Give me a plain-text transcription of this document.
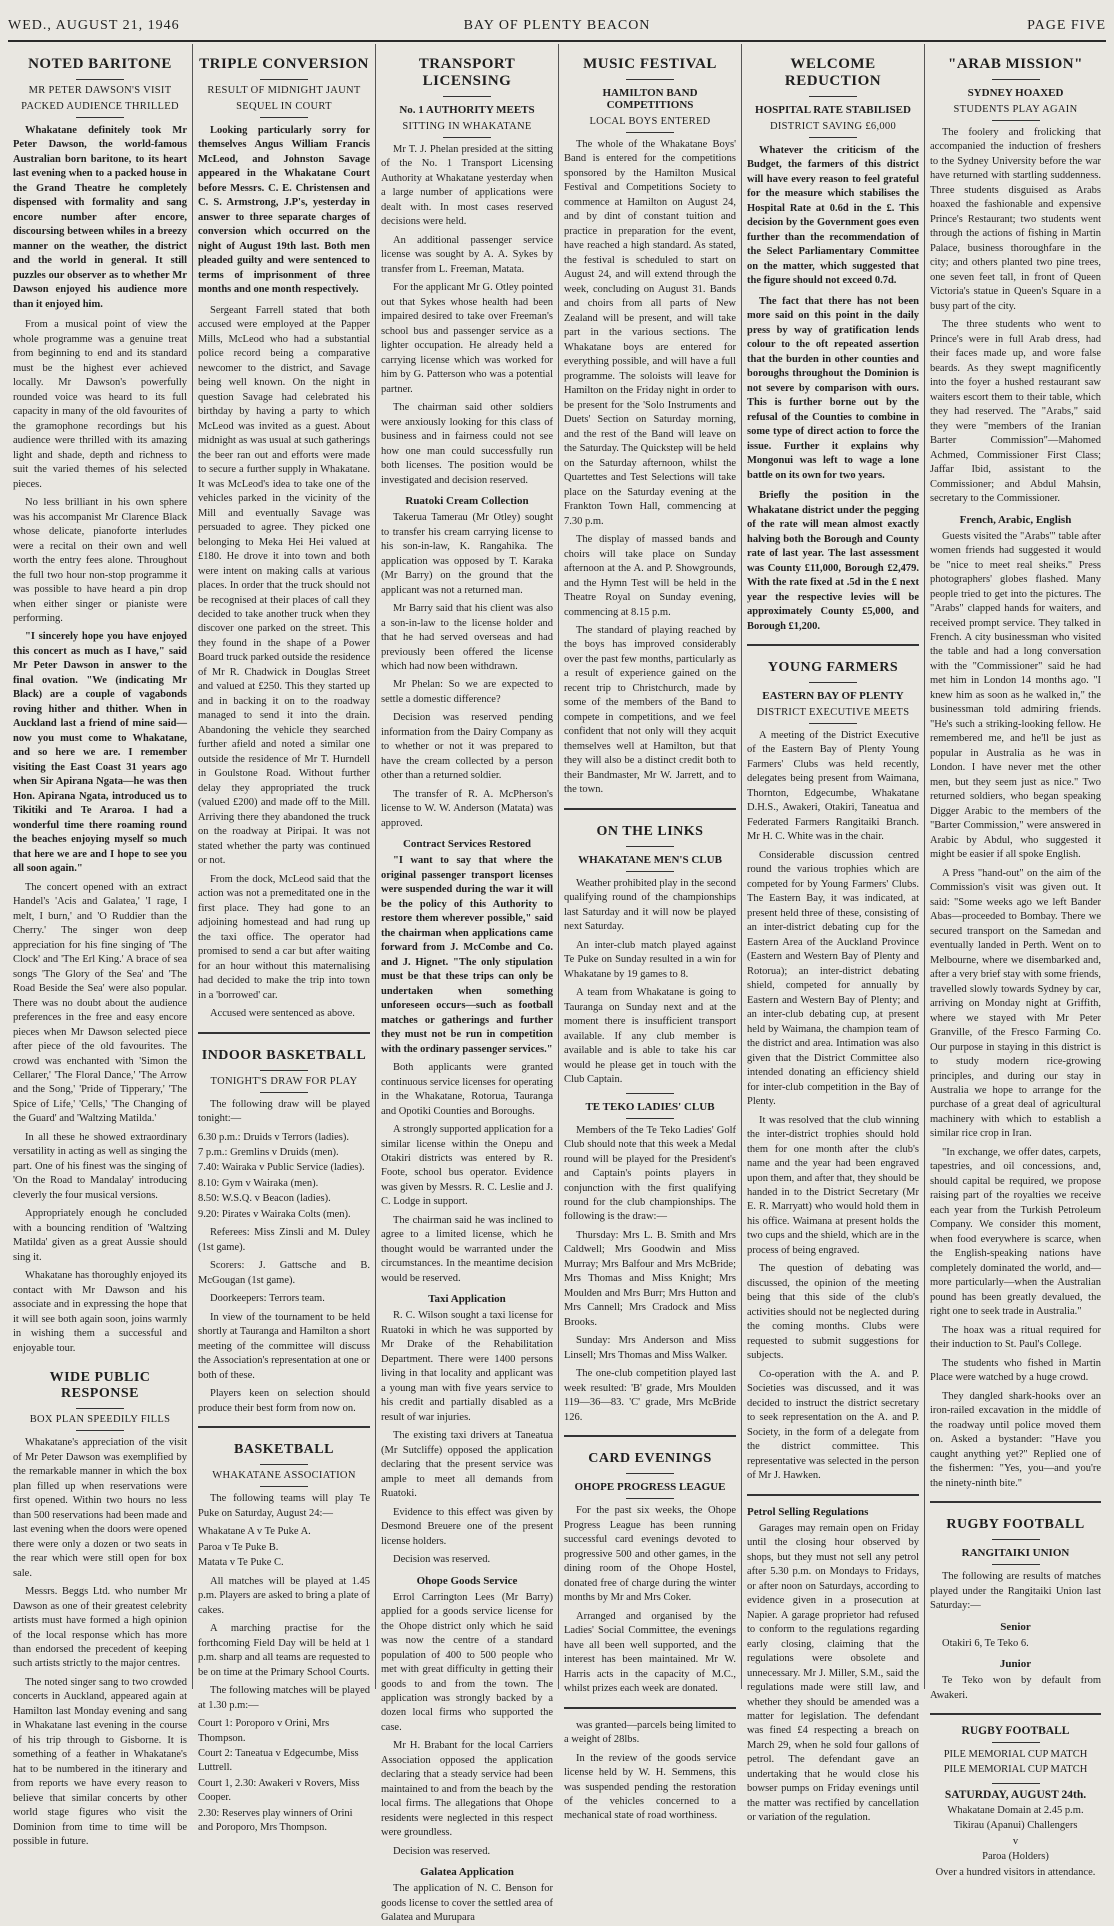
WED., AUGUST 21, 1946	BAY OF PLENTY BEACON	PAGE FIVE
NOTED BARITONE
MR PETER DAWSON'S VISIT
PACKED AUDIENCE THRILLED

Whakatane definitely took Mr Peter Dawson, the world-famous Australian born baritone, to its heart last evening when to a packed house in the Grand Theatre he completely dispensed with formality and sang encore number after encore, discoursing between whiles in a breezy manner on the weather, the district and the world in general. It still puzzles our observer as to whether Mr Dawson enjoyed his audience more than it enjoyed him.

From a musical point of view the whole programme was a genuine treat from beginning to end and its standard must be the highest ever achieved locally. Mr Dawson's powerfully rounded voice was heard to its full capacity in many of the old favourites of the gramophone recordings but his audience were thrilled with its amazing light and shade, depth and richness to suit the varied themes of his selected pieces.

No less brilliant in his own sphere was his accompanist Mr Clarence Black whose delicate, pianoforte interludes were a recital on their own and well worth the entry fees alone. Throughout the full two hour non-stop programme it was possible to have heard a pin drop when either singer or pianiste were performing.

"I sincerely hope you have enjoyed this concert as much as I have," said Mr Peter Dawson in answer to the final ovation. "We (indicating Mr Black) are a couple of vagabonds roving hither and thither. When in Auckland last a friend of mine said—now you must come to Whakatane, and so here we are. I remember visiting the East Coast 31 years ago when Sir Apirana Ngata—he was then Hon. Apirana Ngata, introduced us to Tikitiki and Te Araroa. I had a wonderful time there roaming round the beaches enjoying myself so much that here we are and I hope to see you all soon again."

The concert opened with an extract Handel's 'Acis and Galatea,' 'I rage, I melt, I burn,' and 'O Ruddier than the Cherry.' The singer won deep appreciation for his fine singing of 'The Clock' and 'The Erl King.' A brace of sea songs 'The Glory of the Sea' and 'The Road Beside the Sea' were also popular. There was no doubt about the audience preferences in the free and easy encore pieces when Mr Dawson selected piece after piece of the old favourites. The crowd was enchanted with 'Simon the Cellarer,' 'The Floral Dance,' 'The Arrow and the Song,' 'Pride of Tipperary,' 'The Spice of Life,' 'Cells,' 'The Changing of the Guard' and 'Waltzing Matilda.'

In all these he showed extraordinary versatility in acting as well as singing the part. One of his finest was the singing of 'On the Road to Mandalay' introducing cleverly the four musical versions.

Appropriately enough he concluded with a bouncing rendition of 'Waltzing Matilda' given as a great Aussie should sing it.

Whakatane has thoroughly enjoyed its contact with Mr Dawson and his associate and in expressing the hope that it will see both again soon, joins warmly in wishing them a successful and enjoyable tour.

WIDE PUBLIC RESPONSE
BOX PLAN SPEEDILY FILLS

Whakatane's appreciation of the visit of Mr Peter Dawson was exemplified by the remarkable manner in which the box plan filled up when reservations were first opened. Within two hours no less than 500 reservations had been made and last evening when the doors were opened there were only a dozen or two seats in the rear which were still open for box sale.

Messrs. Beggs Ltd. who number Mr Dawson as one of their greatest celebrity artists must have formed a high opinion of the local response which has more than endorsed the precedent of keeping such artists strictly to the major centres.

The noted singer sang to two crowded concerts in Auckland, appeared again at Hamilton last Monday evening and sang in Whakatane last evening in the course of his trip through to Gisborne. It is something of a feather in Whakatane's hat to be numbered in the itinerary and from reports we have every reason to believe that similar concerts by other world stage figures who visit the Dominion from time to time will be possible in future.

TRIPLE CONVERSION
RESULT OF MIDNIGHT JAUNT
SEQUEL IN COURT

Looking particularly sorry for themselves Angus William Francis McLeod, and Johnston Savage appeared in the Whakatane Court before Messrs. C. E. Christensen and C. S. Armstrong, J.P's, yesterday in answer to three separate charges of conversion which occurred on the night of August 19th last. Both men pleaded guilty and were sentenced to terms of imprisonment of three months and one month respectively.

Sergeant Farrell stated that both accused were employed at the Papper Mills, McLeod who had a substantial police record being a comparative newcomer to the district, and Savage being well known. On the night in question Savage had celebrated his birthday by having a party to which McLeod was invited as a guest. About midnight as was usual at such gatherings the beer ran out and efforts were made to secure a further supply in Whakatane. It was McLeod's idea to take one of the vehicles parked in the vicinity of the Mill and eventually Savage was persuaded to agree. They picked one belonging to Meka Hei Hei valued at £180. He drove it into town and both were intent on making calls at various places. In order that the truck should not be recognised at their places of call they decided to take another truck when they discover one parked on the street. This they found in the shape of a Power Board truck parked outside the residence of Mr R. Chadwick in Douglas Street and valued at £250. This they started up and in backing it on to the roadway managed to send it into the drain. Abandoning the vehicle they searched further afield and noted a similar one outside the residence of Mr T. Hurndell in Goulstone Road. Without further delay they appropriated the truck (valued £200) and made off to the Mill. Arriving there they abandoned the truck on the roadway at Piripai. It was not stated whether the party was continued or not.

From the dock, McLeod said that the action was not a premeditated one in the first place. They had gone to an adjoining homestead and had rung up the taxi office. The operator had promised to send a car but after waiting for an hour without this maternalising had decided to make the trip into town in a 'borrowed' car.

Accused were sentenced as above.

INDOOR BASKETBALL
TONIGHT'S DRAW FOR PLAY

The following draw will be played tonight:—

6.30 p.m.: Druids v Terrors (ladies).

7 p.m.: Gremlins v Druids (men).

7.40: Wairaka v Public Service (ladies).

8.10: Gym v Wairaka (men).

8.50: W.S.Q. v Beacon (ladies).

9.20: Pirates v Wairaka Colts (men).

Referees: Miss Zinsli and M. Duley (1st game).

Scorers: J. Gattsche and B. McGougan (1st game).

Doorkeepers: Terrors team.

In view of the tournament to be held shortly at Tauranga and Hamilton a short meeting of the committee will discuss the Association's representation at one or both of these.

Players keen on selection should produce their best form from now on.

BASKETBALL
WHAKATANE ASSOCIATION

The following teams will play Te Puke on Saturday, August 24:—

Whakatane A v Te Puke A.

Paroa v Te Puke B.

Matata v Te Puke C.

All matches will be played at 1.45 p.m. Players are asked to bring a plate of cakes.

A marching practise for the forthcoming Field Day will be held at 1 p.m. sharp and all teams are requested to be on time at the Primary School Courts.

The following matches will be played at 1.30 p.m:—

Court 1: Poroporo v Orini, Mrs Thompson.

Court 2: Taneatua v Edgecumbe, Miss Luttrell.

Court 1, 2.30: Awakeri v Rovers, Miss Cooper.

2.30: Reserves play winners of Orini and Poroporo, Mrs Thompson.

TRANSPORT LICENSING
No. 1 AUTHORITY MEETS
SITTING IN WHAKATANE

Mr T. J. Phelan presided at the sitting of the No. 1 Transport Licensing Authority at Whakatane yesterday when a large number of applications were dealt with. In most cases reserved decisions were held.

An additional passenger service license was sought by A. A. Sykes by transfer from L. Freeman, Matata.

For the applicant Mr G. Otley pointed out that Sykes whose health had been impaired desired to take over Freeman's school bus and passenger service as a lighter occupation. He already held a carrying license which was worked for him by G. Patterson who was a potential partner.

The chairman said other soldiers were anxiously looking for this class of business and in fairness could not see how one man could successfully run both licenses. The position would be investigated and decision reserved.

Ruatoki Cream Collection

Takerua Tamerau (Mr Otley) sought to transfer his cream carrying license to his son-in-law, K. Rangahika. The application was opposed by T. Karaka (Mr Barry) on the ground that the applicant was not a returned man.

Mr Barry said that his client was also a son-in-law to the license holder and that he had served overseas and had previously been offered the license which had now been withdrawn.

Mr Phelan: So we are expected to settle a domestic difference?

Decision was reserved pending information from the Dairy Company as to whether or not it was prepared to have the cream collected by a person other than a returned soldier.

The transfer of R. A. McPherson's license to W. W. Anderson (Matata) was approved.

Contract Services Restored

"I want to say that where the original passenger transport licenses were suspended during the war it will be the policy of this Authority to restore them wherever possible," said the chairman when applications came forward from J. McCombe and Co. and J. Hignet. "The only stipulation must be that these trips can only be undertaken when something unforeseen occurs—such as football matches or gatherings and further they must not be run in competition with the ordinary passenger services."

Both applicants were granted continuous service licenses for operating in the Whakatane, Rotorua, Tauranga and Opotiki Counties and Boroughs.

A strongly supported application for a similar license within the Onepu and Otakiri districts was entered by R. Foote, school bus operator. Evidence was given by Messrs. R. C. Leslie and J. C. Lodge in support.

The chairman said he was inclined to agree to a limited license, which he thought would be warranted under the circumstances. In the meantime decision would be reserved.

Taxi Application

R. C. Wilson sought a taxi license for Ruatoki in which he was supported by Mr Drake of the Rehabilitation Department. There were 1400 persons living in that locality and applicant was a young man with five years service to his credit and partially disabled as a result of war injuries.

The existing taxi drivers at Taneatua (Mr Sutcliffe) opposed the application declaring that the present service was ample to meet all demands from Ruatoki.

Evidence to this effect was given by Desmond Breuere one of the present license holders.

Decision was reserved.

Ohope Goods Service

Errol Carrington Lees (Mr Barry) applied for a goods service license for the Ohope district only which he said was now the centre of a standard population of 400 to 500 people who met with great difficulty in getting their goods to and from the town. The application was strongly backed by a dozen local firms who supported the case.

Mr H. Brabant for the local Carriers Association opposed the application declaring that a steady service had been maintained to and from the beach by the local firms. The allegations that Ohope residents were neglected in this respect were groundless.

Decision was reserved.

Galatea Application

The application of N. C. Benson for goods license to cover the settled area of Galatea and Murupara

MUSIC FESTIVAL
HAMILTON BAND COMPETITIONS
LOCAL BOYS ENTERED

The whole of the Whakatane Boys' Band is entered for the competitions sponsored by the Hamilton Musical Festival and Competitions Society to commence at Hamilton on August 24, and by dint of constant tuition and practice in preparation for the event, have reached a high standard. As stated, the festival is scheduled to start on August 24, and will extend through the week, concluding on August 31. Bands and choirs from all parts of New Zealand will be present, and will take part in the various sections. The Whakatane boys are entered for everything possible, and will have a full programme. The soloists will leave for Hamilton on the Friday night in order to be present for the 'Solo Instruments and Duets' Section on Saturday morning, and the rest of the Band will leave on the Saturday. The Quickstep will be held on the Saturday afternoon, whilst the Quartettes and Test Selections will take place on the Saturday evening at the Frankton Town Hall, commencing at 7.30 p.m.

The display of massed bands and choirs will take place on Sunday afternoon at the A. and P. Showgrounds, and the Hymn Test will be held in the Theatre Royal on Sunday evening, commencing at 8.15 p.m.

The standard of playing reached by the boys has improved considerably over the past few months, particularly as a result of experience gained on the recent trip to Christchurch, made by some of the members of the Band to compete in competitions, and we feel confident that not only will they acquit themselves well at Hamilton, but that they will also be a distinct credit both to their Bandmaster, Mr W. Jarrett, and to the town.

ON THE LINKS
WHAKATANE MEN'S CLUB

Weather prohibited play in the second qualifying round of the championships last Saturday and it will now be played next Saturday.

An inter-club match played against Te Puke on Sunday resulted in a win for Whakatane by 19 games to 8.

A team from Whakatane is going to Tauranga on Sunday next and at the moment there is insufficient transport available. If any club member is available and is able to take his car would he please get in touch with the Club Captain.

TE TEKO LADIES' CLUB

Members of the Te Teko Ladies' Golf Club should note that this week a Medal round will be played for the President's and Captain's points players in conjunction with the first qualifying round for the club championships. The following is the draw:—

Thursday: Mrs L. B. Smith and Mrs Caldwell; Mrs Goodwin and Miss Murray; Mrs Balfour and Mrs McBride; Mrs Thomas and Miss Knight; Mrs Moulden and Mrs Burr; Mrs Hutton and Mrs Cannell; Mrs Cradock and Miss Brooks.

Sunday: Mrs Anderson and Miss Linsell; Mrs Thomas and Miss Walker.

The one-club competition played last week resulted: 'B' grade, Mrs Moulden 119—36—83. 'C' grade, Mrs McBride 126.

CARD EVENINGS
OHOPE PROGRESS LEAGUE

For the past six weeks, the Ohope Progress League has been running successful card evenings devoted to progressive 500 and other games, in the dining room of the Ohope Hostel, donated free of charge during the winter months by Mr and Mrs Coker.

Arranged and organised by the Ladies' Social Committee, the evenings have all been well supported, and the interest has been maintained. Mr W. Harris acts in the capacity of M.C., whilst prizes each week are donated.

was granted—parcels being limited to a weight of 28lbs.

In the review of the goods service license held by W. H. Semmens, this was suspended pending the restoration of the vehicles concerned to a mechanical state of road worthiness.

WELCOME REDUCTION
HOSPITAL RATE STABILISED
DISTRICT SAVING £6,000

Whatever the criticism of the Budget, the farmers of this district will have every reason to feel grateful for the measure which stabilises the Hospital Rate at 0.6d in the £. This decision by the Government goes even further than the recommendation of the Select Parliamentary Committee on the matter, which suggested that the figure should not exceed 0.7d.

The fact that there has not been more said on this point in the daily press by way of gratification lends colour to the oft repeated assertion that the burden in other counties and boroughs throughout the Dominion is not severe by comparison with ours. This is further borne out by the refusal of the Counties to combine in some type of direct action to force the issue. Further it explains why Mongonui was left to wage a lone battle on its own for two years.

Briefly the position in the Whakatane district under the pegging of the rate will mean almost exactly halving both the Borough and County rate of last year. The last assessment was County £11,000, Borough £2,479. With the rate fixed at .5d in the £ next year the respective levies will be approximately County £5,000, and Borough £1,200.

YOUNG FARMERS
EASTERN BAY OF PLENTY
DISTRICT EXECUTIVE MEETS

A meeting of the District Executive of the Eastern Bay of Plenty Young Farmers' Clubs was held recently, delegates being present from Waimana, Thornton, Edgecumbe, Whakatane D.H.S., Awakeri, Otakiri, Taneatua and Federated Farmers Rangitaiki Branch. Mr H. C. White was in the chair.

Considerable discussion centred round the various trophies which are competed for by Young Farmers' Clubs. The Eastern Bay, it was indicated, at present held three of these, consisting of an inter-district debating cup for the Eastern Area of the Auckland Province (Eastern and Western Bay of Plenty and Rotorua); an inter-district debating shield, competed for annually by Eastern and Western Bay of Plenty; and an inter-club debating cup, at present held by Waimana, the champion team of the district and area. Intimation was also given that the District Committee also intended donating an efficiency shield for inter-club competition in the Bay of Plenty.

It was resolved that the club winning the inter-district trophies should hold them for one month after the club's name and the year had been engraved upon them, and after that, they should be handed in to the District Secretary (Mr E. R. Marryatt) who would hold them in his office. Waimana at present holds the two cups and the shield, which are in the process of being engraved.

The question of debating was discussed, the opinion of the meeting being that this side of the club's activities should not be neglected during the coming months. Clubs were requested to submit suggestions for subjects.

Co-operation with the A. and P. Societies was discussed, and it was decided to instruct the district secretary to seek representation on the A. and P. Society, in the form of a delegate from the district committee. This representative was selected in the person of Mr J. Hawken.

Petrol Selling Regulations

Garages may remain open on Friday until the closing hour observed by shops, but they must not sell any petrol after 5.30 p.m. on Mondays to Fridays, or after noon on Saturdays, according to evidence given in a prosecution at Napier. A garage proprietor had refused to conform to the regulations regarding early closing, claiming that the regulations were obsolete and unnecessary. Mr J. Miller, S.M., said the regulations made were still law, and whether they should be amended was a matter for legislation. The defendant was fined £4 respecting a breach on March 29, when he sold four gallons of petrol. The defendant gave an undertaking that he would close his bowser pumps on Friday evenings until the matter was rectified by cancellation or variation of the regulation.

"ARAB MISSION"
SYDNEY HOAXED
STUDENTS PLAY AGAIN

The foolery and frolicking that accompanied the induction of freshers to the Sydney University before the war have returned with startling suddenness. Three students disguised as Arabs hoaxed the fashionable and expensive Prince's Restaurant; two students went through the actions of fishing in Martin Palace, business thoroughfare in the city; and others planted two pine trees, one seven feet tall, in front of Queen Victoria's statue in Queen's Square in a busy part of the city.

The three students who went to Prince's were in full Arab dress, had their faces made up, and wore false beards. As they swept magnificently into the foyer a hushed restaurant saw waiters escort them to their table, which they had reserved. The "Arabs," said they were "members of the Iranian Barter Commission"—Mahomed Achmed, Commissioner First Class; Jaffar Ibid, assistant to the Commissioner; and Abdul Mahsin, secretary to the Commissioner.

French, Arabic, English

Guests visited the "Arabs'" table after women friends had suggested it would be "nice to meet real sheiks." Press photographers' globes flashed. Many people tried to get into the pictures. The "Arabs" clapped hands for waiters, and received prompt service. They talked in French. A city businessman who visited the table and had a long conversation with the "Commissioner" said he had met him in London 14 months ago. "I knew him as soon as he walked in," the businessman told admiring friends. "He's such a striking-looking fellow. He remembered me, and he'll be just as popular in Australia as he was in London. I have never met the other men, but they seem just as nice." Two returned soldiers, who began speaking Digger Arabic to the members of the "Barter Commission," were answered in Arabic by Abdul, who suggested it might be easier if all spoke English.

A Press "hand-out" on the aim of the Commission's visit was given out. It said: "Some weeks ago we left Bander Abas—proceeded to Bombay. There we secured transport on the Samedan and eventually landed in Perth. Went on to Melbourne, where we disembarked and, after a very brief stay with some friends, travelled slowly towards Sydney by car, arriving on Monday night at Griffith, where we stayed with Mr Peter Granville, of the Fresco Farming Co. Our purpose in staying in this district is to study modern rice-growing principles, and during our stay in Australia we hope to arrange for the purchase of a great deal of agricultural machinery with which to establish a similar rice crop in Iran.

"In exchange, we offer dates, carpets, tapestries, and oil concessions, and, should capital be required, we propose raising part of the royalties we receive each year from the Turkish Petroleum Company. We consider this moment, when food everywhere is scarce, when the English-speaking nations have completely dominated the world, and—more particularly—when the Australian pound has been greatly devalued, the right one to seek trade in Australia."

The hoax was a ritual required for their induction to St. Paul's College.

The students who fished in Martin Place were watched by a huge crowd.

They dangled shark-hooks over an iron-railed excavation in the middle of the roadway until police moved them on. Asked a bystander: "Have you caught anything yet?" Replied one of the fishermen: "Yes, you—and you're the ninety-ninth bite."

RUGBY FOOTBALL
RANGITAIKI UNION

The following are results of matches played under the Rangitaiki Union last Saturday:—

Senior

Otakiri 6, Te Teko 6.

Junior

Te Teko won by default from Awakeri.

RUGBY FOOTBALL
PILE MEMORIAL CUP MATCH
PILE MEMORIAL CUP MATCH
SATURDAY, AUGUST 24th.
Whakatane Domain at 2.45 p.m.
Tikirau (Apanui) Challengers
v
Paroa (Holders)
Over a hundred visitors in attendance.
